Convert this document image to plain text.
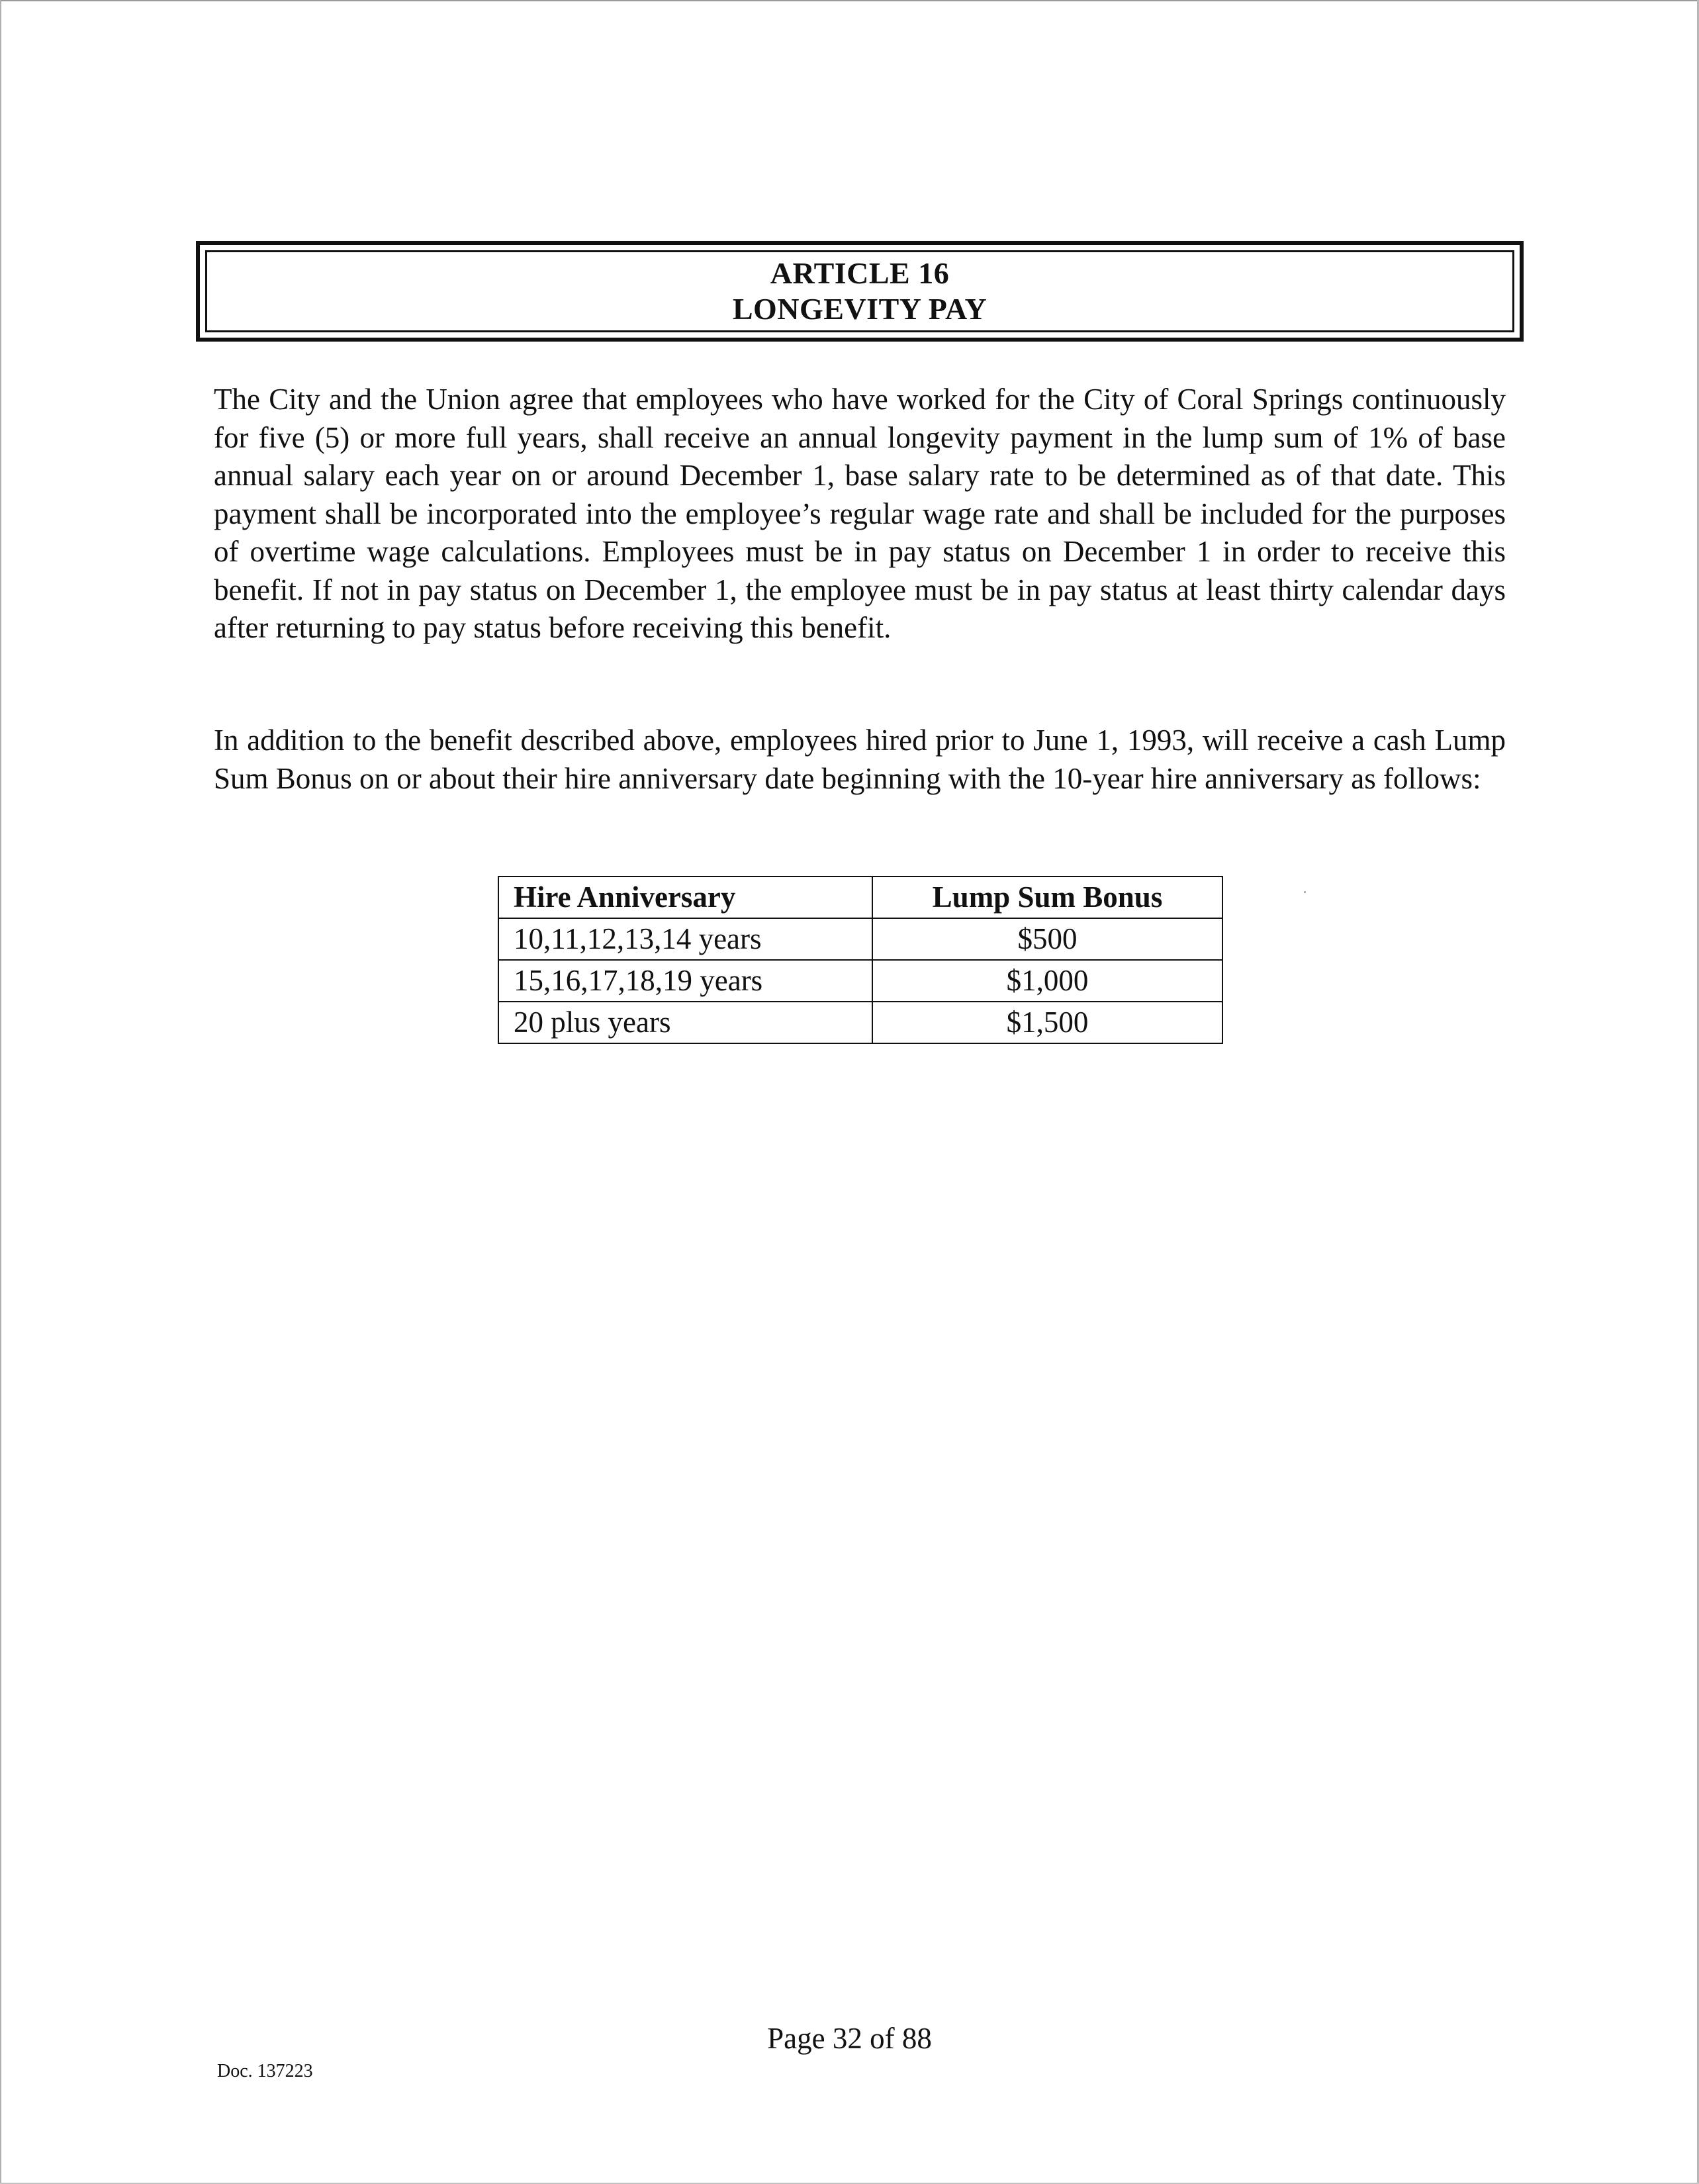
ARTICLE 16
LONGEVITY PAY

The City and the Union agree that employees who have worked for the City of Coral Springs continuously for five (5) or more full years, shall receive an annual longevity payment in the lump sum of 1% of base annual salary each year on or around December 1, base salary rate to be determined as of that date. This payment shall be incorporated into the employee’s regular wage rate and shall be included for the purposes of overtime wage calculations. Employees must be in pay status on December 1 in order to receive this benefit. If not in pay status on December 1, the employee must be in pay status at least thirty calendar days after returning to pay status before receiving this benefit.

In addition to the benefit described above, employees hired prior to June 1, 1993, will receive a cash Lump Sum Bonus on or about their hire anniversary date beginning with the 10-year hire anniversary as follows:

Hire Anniversary	Lump Sum Bonus
10,11,12,13,14 years	$500
15,16,17,18,19 years	$1,000
20 plus years	$1,500
Page 32 of 88
Doc. 137223
